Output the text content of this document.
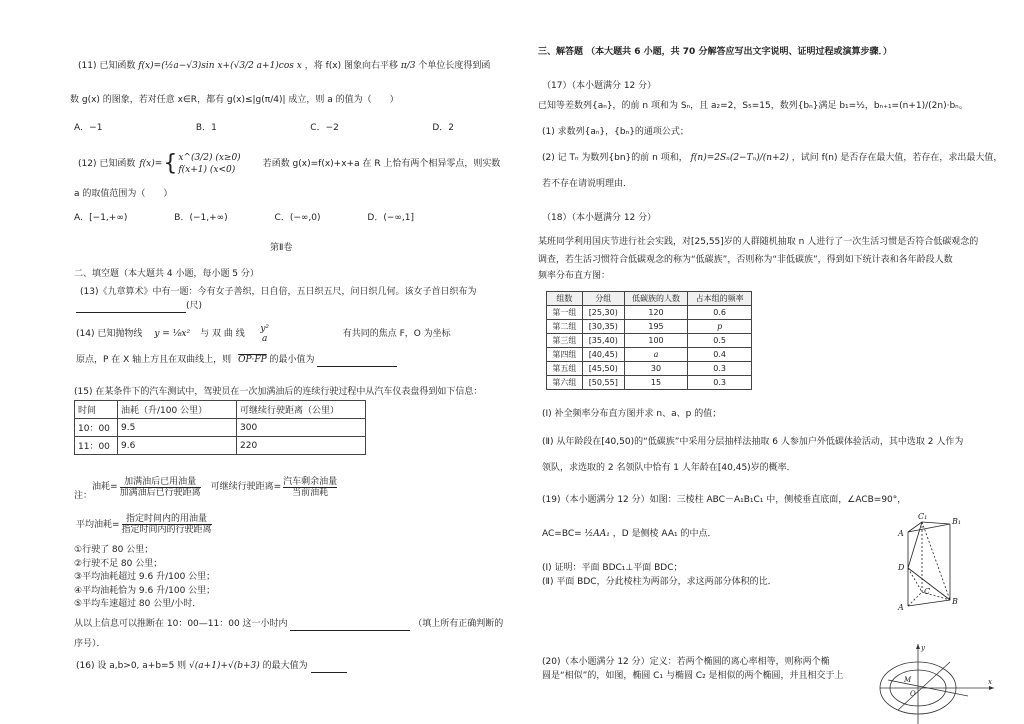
(11) 已知函数 f(x)=(½a−√3)sin x+(√3/2 a+1)cos x ，将 f(x) 图象向右平移 π/3 个单位长度得到函
数 g(x) 的图象，若对任意 x∈R，都有 g(x)≤|g(π/4)| 成立，则 a 的值为（　　）
A．−1	B．1	C．−2	D．2
(12) 已知函数 f(x)= { x^(3/2) (x≥0)
f(x+1) (x<0)
若函数 g(x)=f(x)+x+a 在 R 上恰有两个相异零点，则实数
a 的取值范围为（　　）
A．[−1,+∞)	B．(−1,+∞)	C．(−∞,0)	D．(−∞,1]
第Ⅱ卷
二、填空题（本大题共 4 小题，每小题 5 分）
(13)《九章算术》中有一题：今有女子善织，日自倍，五日织五尺，问日织几何。该女子首日织布为
(尺)
(14) 已知抛物线 y = ⅛x² 与 双 曲 线 y²
a	有共同的焦点 F，O 为坐标
原点，P 在 X 轴上方且在双曲线上，则 OP·FP 的最小值为
(15) 在某条件下的汽车测试中，驾驶员在一次加满油后的连续行驶过程中从汽车仪表盘得到如下信息：
时间	油耗（升/100 公里）	可继续行驶距离（公里）
10：00	9.5	300
11：00	9.6	220
注：
油耗= $\frac{\text{加满油后已用油量}}{\text{加满油后已行驶距离}}$ 可继续行驶距离= $\frac{\text{汽车剩余油量}}{\text{当前油耗}}$
平均油耗= $\frac{\text{指定时间内的用油量}}{\text{指定时间内的行驶距离}}$
①行驶了 80 公里；
②行驶不足 80 公里；
③平均油耗超过 9.6 升/100 公里；
④平均油耗恰为 9.6 升/100 公里；
⑤平均车速超过 80 公里/小时．
从以上信息可以推断在 10：00—11：00 这一小时内	（填上所有正确判断的
序号）．
(16) 设 a,b>0, a+b=5 则 √(a+1)+√(b+3) 的最大值为
三、解答题 （本大题共 6 小题，共 70 分解答应写出文字说明、证明过程或演算步骤．）
（17）（本小题满分 12 分）
已知等差数列{aₙ}，的前 n 项和为 Sₙ，且 a₂=2，S₅=15，数列{bₙ}满足 b₁=½，bₙ₊₁=(n+1)/(2n)·bₙ。
(1) 求数列{aₙ}，{bₙ}的通项公式；
(2) 记 Tₙ 为数列{bn}的前 n 项和， f(n)=2Sₙ(2−Tₙ)/(n+2) ，试问 f(n) 是否存在最大值，若存在，求出最大值，
若不存在请说明理由．
（18）（本小题满分 12 分）
某班同学利用国庆节进行社会实践，对[25,55]岁的人群随机抽取 n 人进行了一次生活习惯是否符合低碳观念的
调查，若生活习惯符合低碳观念的称为“低碳族”，否则称为“非低碳族”，得到如下统计表和各年龄段人数
频率分布直方图：
组数	分组	低碳族的人数	占本组的频率
第一组	[25,30)	120	0.6
第二组	[30,35)	195	p
第三组	[35,40)	100	0.5
第四组	[40,45)	a	0.4
第五组	[45,50)	30	0.3
第六组	[50,55]	15	0.3
(Ⅰ) 补全频率分布直方图并求 n、a、p 的值；
(Ⅱ) 从年龄段在[40,50)的“低碳族”中采用分层抽样法抽取 6 人参加户外低碳体验活动，其中选取 2 人作为
领队，求选取的 2 名领队中恰有 1 人年龄在[40,45)岁的概率．
(19)（本小题满分 12 分）如图：三棱柱 ABC－A₁B₁C₁ 中，侧棱垂直底面，∠ACB=90°，
AC=BC= ½AA₁ ，D 是侧棱 AA₁ 的中点．
(Ⅰ) 证明：平面 BDC₁⊥平面 BDC；
(Ⅱ) 平面 BDC，分此棱柱为两部分，求这两部分体积的比．
C₁
B₁
A
D
C
B
A
(20)（本小题满分 12 分）定义：若两个椭圆的离心率相等，则称两个椭
圆是“相似”的，如图，椭圆 C₁ 与椭圆 C₂ 是相似的两个椭圆，并且相交于上
y
M	x
O
